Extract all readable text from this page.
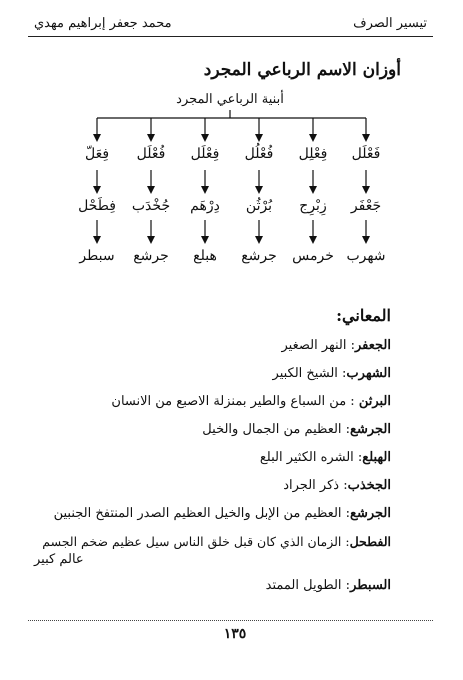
تيسير الصرف
محمد جعفر إبراهيم مهدي
أوزان الاسم الرباعي المجرد
أبنية الرباعي المجرد
فَعْلَل
جَعْفَر
شهرب
فِعْلِل
زِبْرِج
خرمس
فُعْلُل
بُرْثُن
جرشع
فِعْلَل
دِرْهَم
هبلع
فُعْلَل
جُخْدَب
جرشع
فِعَلّ
فِطَحْل
سبطر
المعاني:

الجعفر: النهر الصغير

الشهرب: الشيخ الكبير

البرثن : من السباع والطير بمنزلة الاصبع من الانسان

الجرشع: العظيم من الجمال والخيل

الهبلع: الشره الكثير البلع

الجخذب: ذكر الجراد

الجرشع: العظيم من الإبل والخيل العظيم الصدر المنتفخ الجنبين

الفطحل: الزمان الذي كان قبل خلق الناس سيل عظيم ضخم الجسم

عالم كبير

السبطر: الطويل الممتد

١٣٥
